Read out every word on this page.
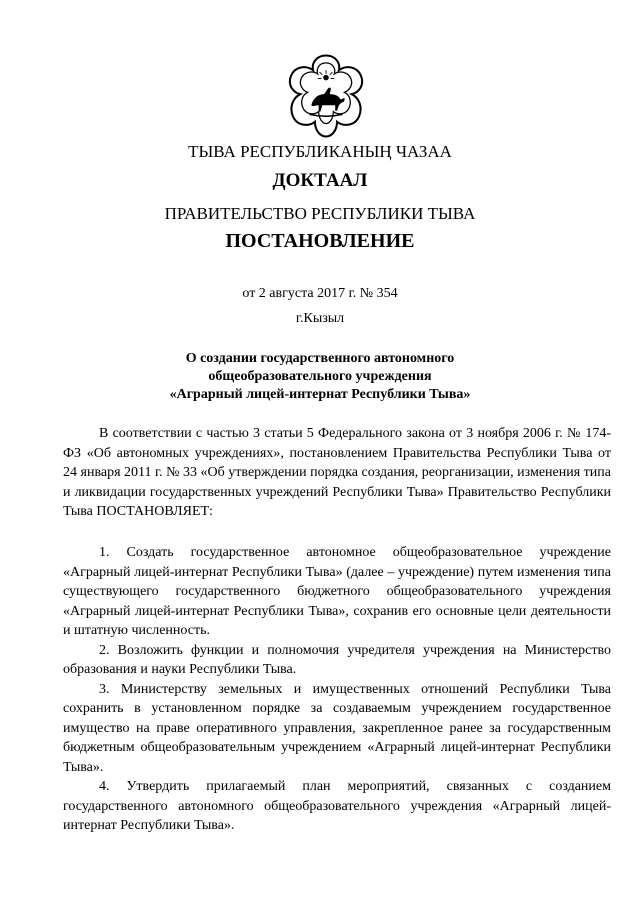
ТЫВА РЕСПУБЛИКАНЫҢ ЧАЗАА
ДОКТААЛ
ПРАВИТЕЛЬСТВО РЕСПУБЛИКИ ТЫВА
ПОСТАНОВЛЕНИЕ
от 2 августа 2017 г. № 354
г.Кызыл
О создании государственного автономного
общеобразовательного учреждения
«Аграрный лицей-интернат Республики Тыва»

В соответствии с частью 3 статьи 5 Федерального закона от 3 ноября 2006 г. № 174-ФЗ «Об автономных учреждениях», постановлением Правительства Республики Тыва от 24 января 2011 г. № 33 «Об утверждении порядка создания, реорганизации, изменения типа и ликвидации государственных учреждений Республики Тыва» Правительство Республики Тыва ПОСТАНОВЛЯЕТ:

1. Создать государственное автономное общеобразовательное учреждение «Аграрный лицей-интернат Республики Тыва» (далее – учреждение) путем изменения типа существующего государственного бюджетного общеобразовательного учреждения «Аграрный лицей-интернат Республики Тыва», сохранив его основные цели деятельности и штатную численность.

2. Возложить функции и полномочия учредителя учреждения на Министерство образования и науки Республики Тыва.

3. Министерству земельных и имущественных отношений Республики Тыва сохранить в установленном порядке за создаваемым учреждением государственное имущество на праве оперативного управления, закрепленное ранее за государственным бюджетным общеобразовательным учреждением «Аграрный лицей-интернат Республики Тыва».

4. Утвердить прилагаемый план мероприятий, связанных с созданием государственного автономного общеобразовательного учреждения «Аграрный лицей-интернат Республики Тыва».
